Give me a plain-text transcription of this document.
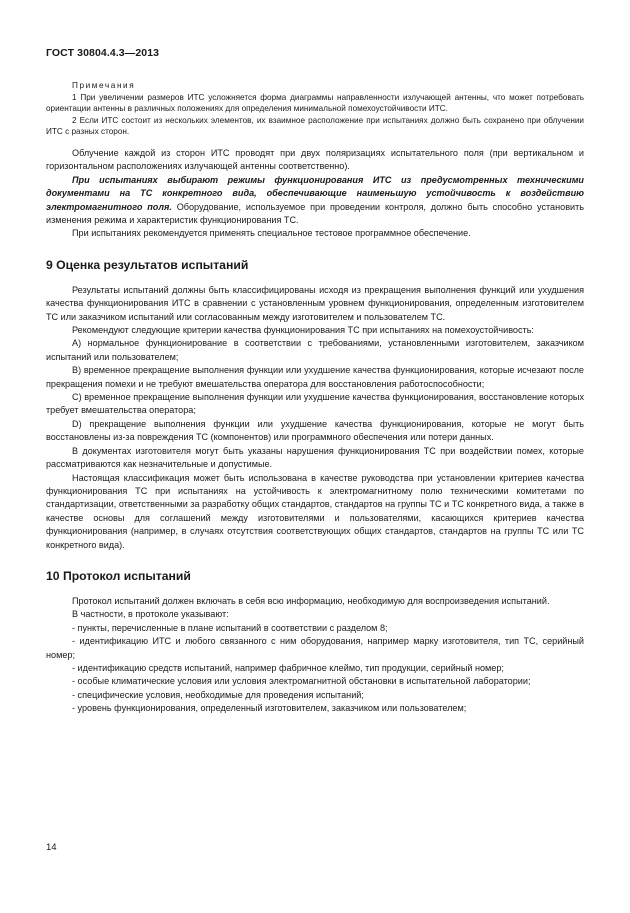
ГОСТ 30804.4.3—2013

Примечания

1 При увеличении размеров ИТС усложняется форма диаграммы направленности излучающей антенны, что может потребовать ориентации антенны в различных положениях для определения минимальной помехоустойчивости ИТС.

2 Если ИТС состоит из нескольких элементов, их взаимное расположение при испытаниях должно быть сохранено при облучении ИТС с разных сторон.

Облучение каждой из сторон ИТС проводят при двух поляризациях испытательного поля (при вертикальном и горизонтальном расположениях излучающей антенны соответственно).

При испытаниях выбирают режимы функционирования ИТС из предусмотренных техническими документами на ТС конкретного вида, обеспечивающие наименьшую устойчивость к воздействию электромагнитного поля. Оборудование, используемое при проведении контроля, должно быть способно установить изменения режима и характеристик функционирования ТС.

При испытаниях рекомендуется применять специальное тестовое программное обеспечение.

9 Оценка результатов испытаний

Результаты испытаний должны быть классифицированы исходя из прекращения выполнения функций или ухудшения качества функционирования ИТС в сравнении с установленным уровнем функционирования, определенным изготовителем ТС или заказчиком испытаний или согласованным между изготовителем и пользователем ТС.

Рекомендуют следующие критерии качества функционирования ТС при испытаниях на помехоустойчивость:

А) нормальное функционирование в соответствии с требованиями, установленными изготовителем, заказчиком испытаний или пользователем;

В) временное прекращение выполнения функции или ухудшение качества функционирования, которые исчезают после прекращения помехи и не требуют вмешательства оператора для восстановления работоспособности;

С) временное прекращение выполнения функции или ухудшение качества функционирования, восстановление которых требует вмешательства оператора;

D) прекращение выполнения функции или ухудшение качества функционирования, которые не могут быть восстановлены из-за повреждения ТС (компонентов) или программного обеспечения или потери данных.

В документах изготовителя могут быть указаны нарушения функционирования ТС при воздействии помех, которые рассматриваются как незначительные и допустимые.

Настоящая классификация может быть использована в качестве руководства при установлении критериев качества функционирования ТС при испытаниях на устойчивость к электромагнитному полю техническими комитетами по стандартизации, ответственными за разработку общих стандартов, стандартов на группы ТС и ТС конкретного вида, а также в качестве основы для соглашений между изготовителями и пользователями, касающихся критериев качества функционирования (например, в случаях отсутствия соответствующих общих стандартов, стандартов на группы ТС или ТС конкретного вида).

10 Протокол испытаний

Протокол испытаний должен включать в себя всю информацию, необходимую для воспроизведения испытаний.

В частности, в протоколе указывают:

- пункты, перечисленные в плане испытаний в соответствии с разделом 8;

- идентификацию ИТС и любого связанного с ним оборудования, например марку изготовителя, тип ТС, серийный номер;

- идентификацию средств испытаний, например фабричное клеймо, тип продукции, серийный номер;

- особые климатические условия или условия электромагнитной обстановки в испытательной лаборатории;

- специфические условия, необходимые для проведения испытаний;

- уровень функционирования, определенный изготовителем, заказчиком или пользователем;

14
